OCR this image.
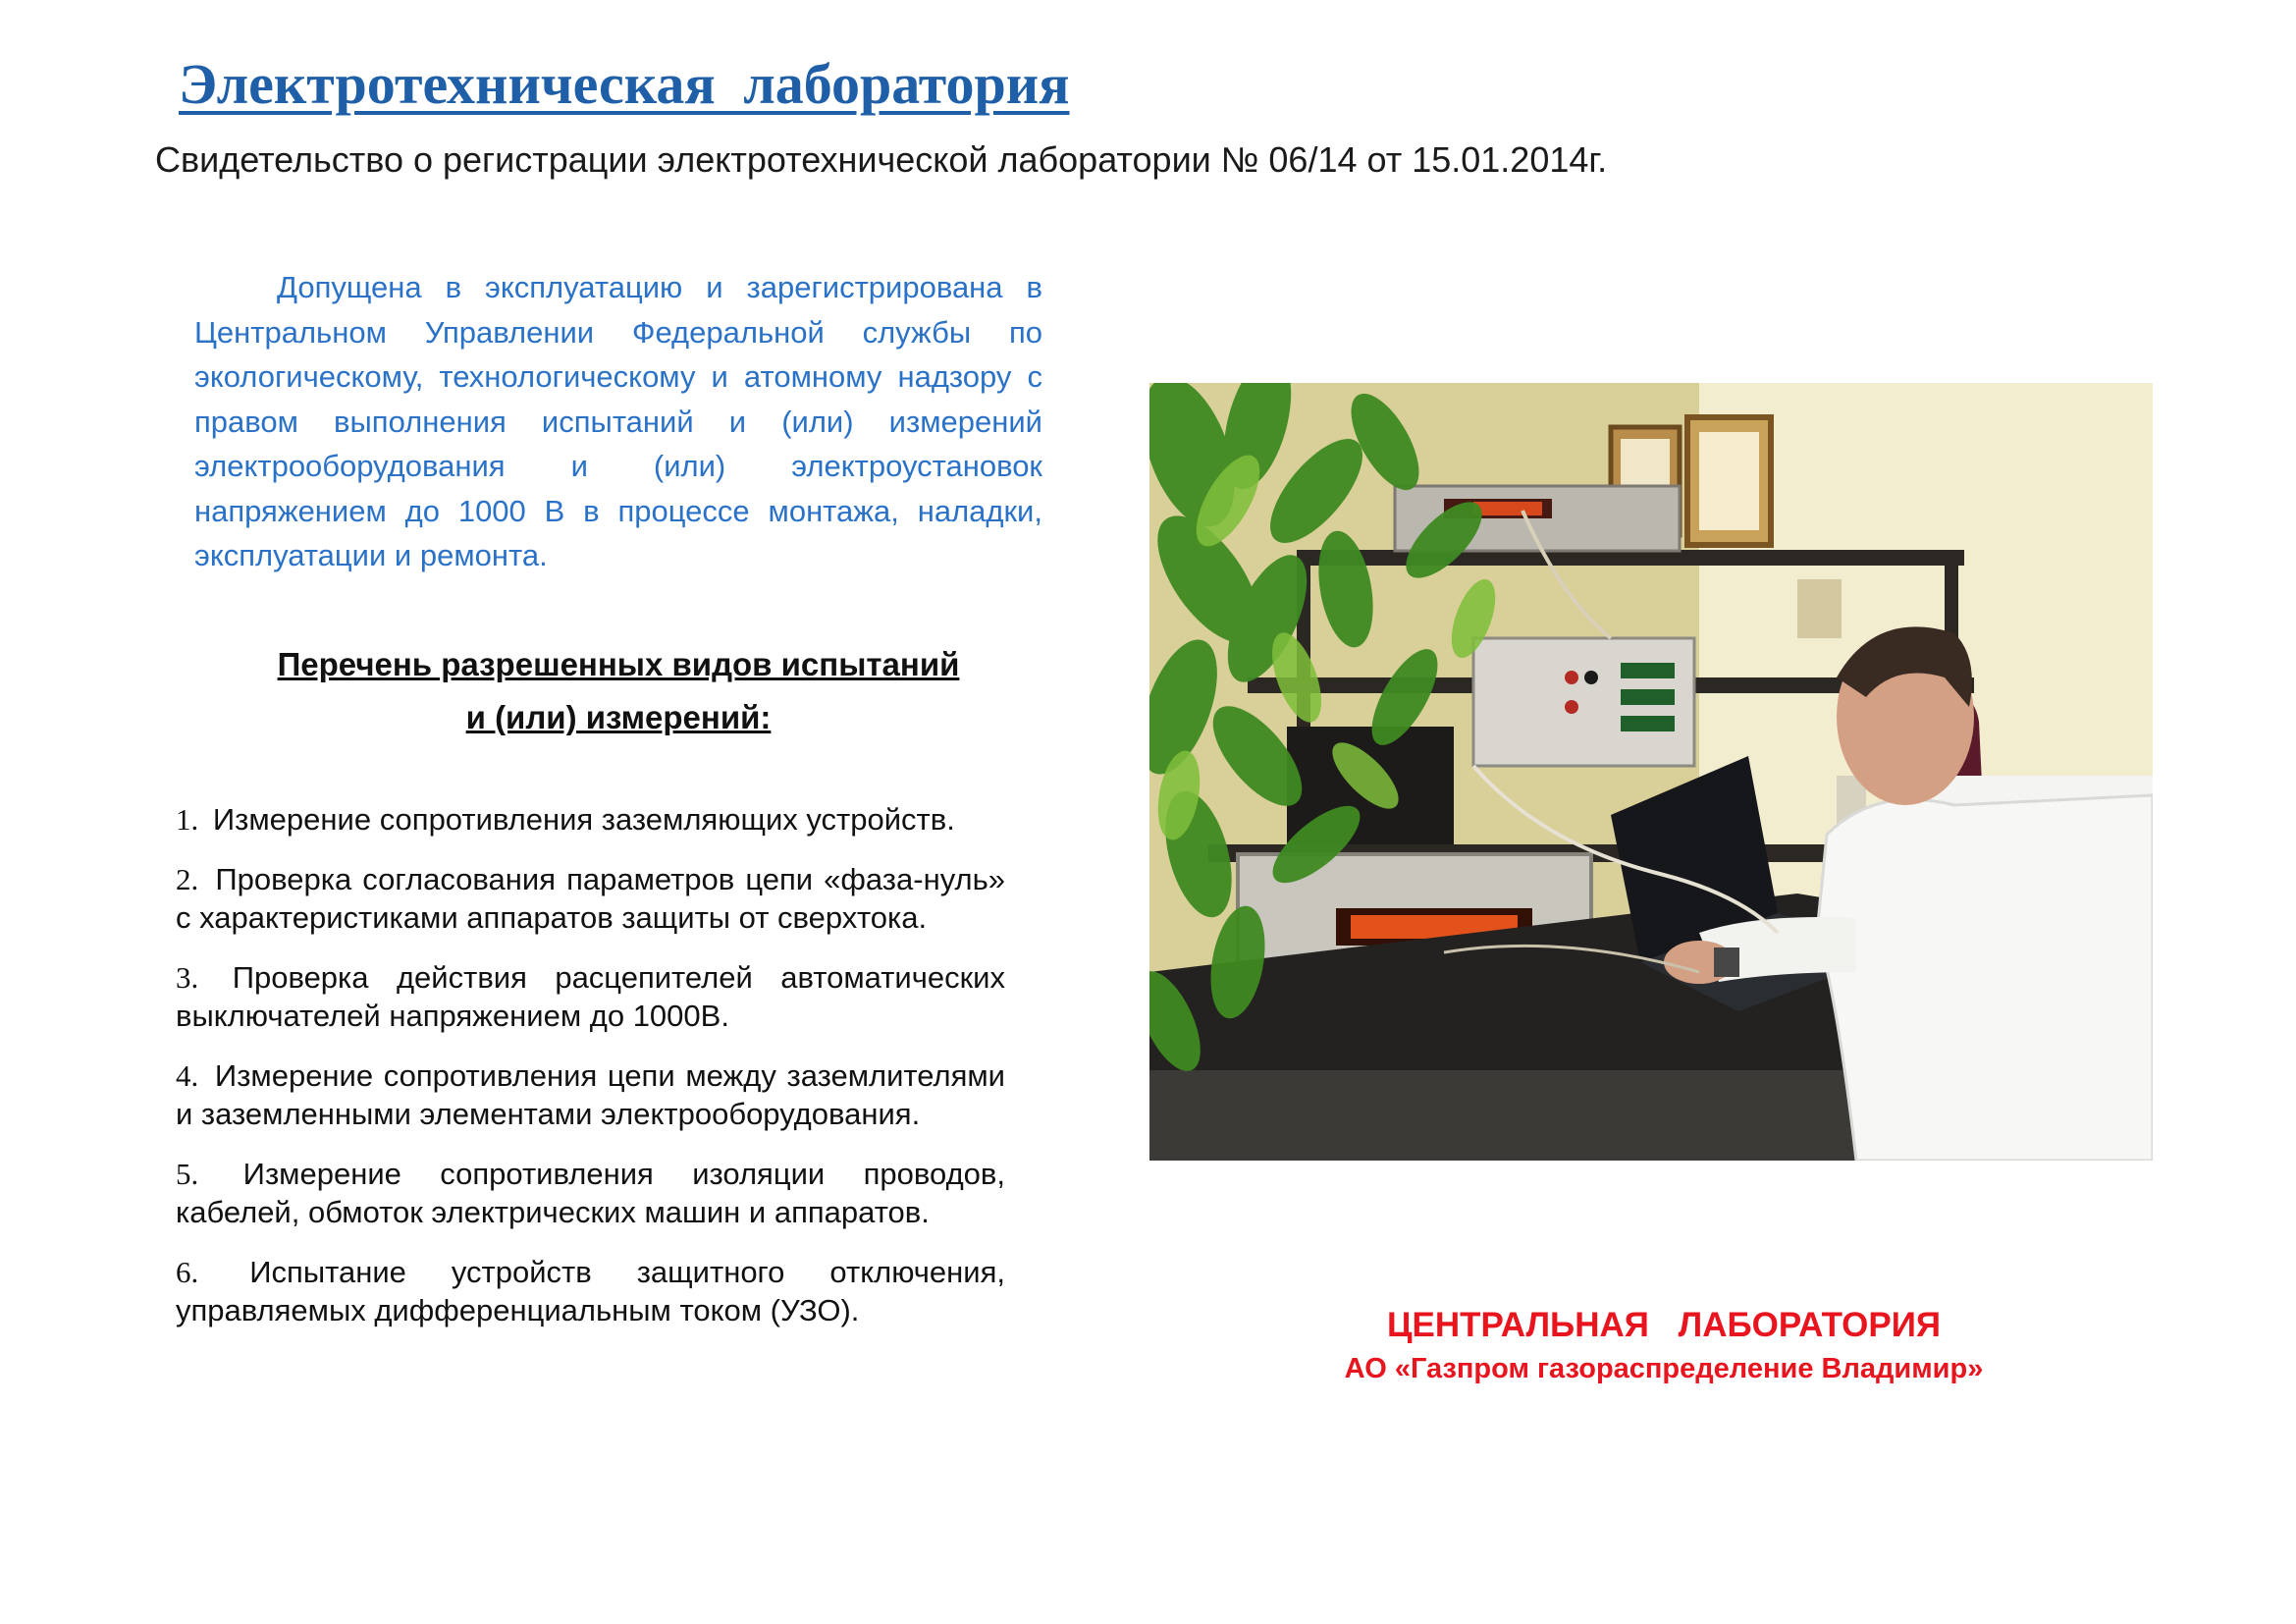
Электротехническая лаборатория

Свидетельство о регистрации электротехнической лаборатории № 06/14 от 15.01.2014г.

Допущена в эксплуатацию и зарегистрирована в Центральном Управлении Федеральной службы по экологическому, технологическому и атомному надзору с правом выполнения испытаний и (или) измерений электрооборудования и (или) электроустановок напряжением до 1000 В в процессе монтажа, наладки, эксплуатации и ремонта.

Перечень разрешенных видов испытаний
и (или) измерений:
1. Измерение сопротивления заземляющих устройств.
2. Проверка согласования параметров цепи «фаза-нуль» с характеристиками аппаратов защиты от сверхтока.
3. Проверка действия расцепителей автоматических выключателей напряжением до 1000В.
4. Измерение сопротивления цепи между заземлителями и заземленными элементами электрооборудования.
5. Измерение сопротивления изоляции проводов, кабелей, обмоток электрических машин и аппаратов.
6. Испытание устройств защитного отключения, управляемых дифференциальным током (УЗО).	ЦЕНТРАЛЬНАЯ ЛАБОРАТОРИЯ

АО «Газпром газораспределение Владимир»
